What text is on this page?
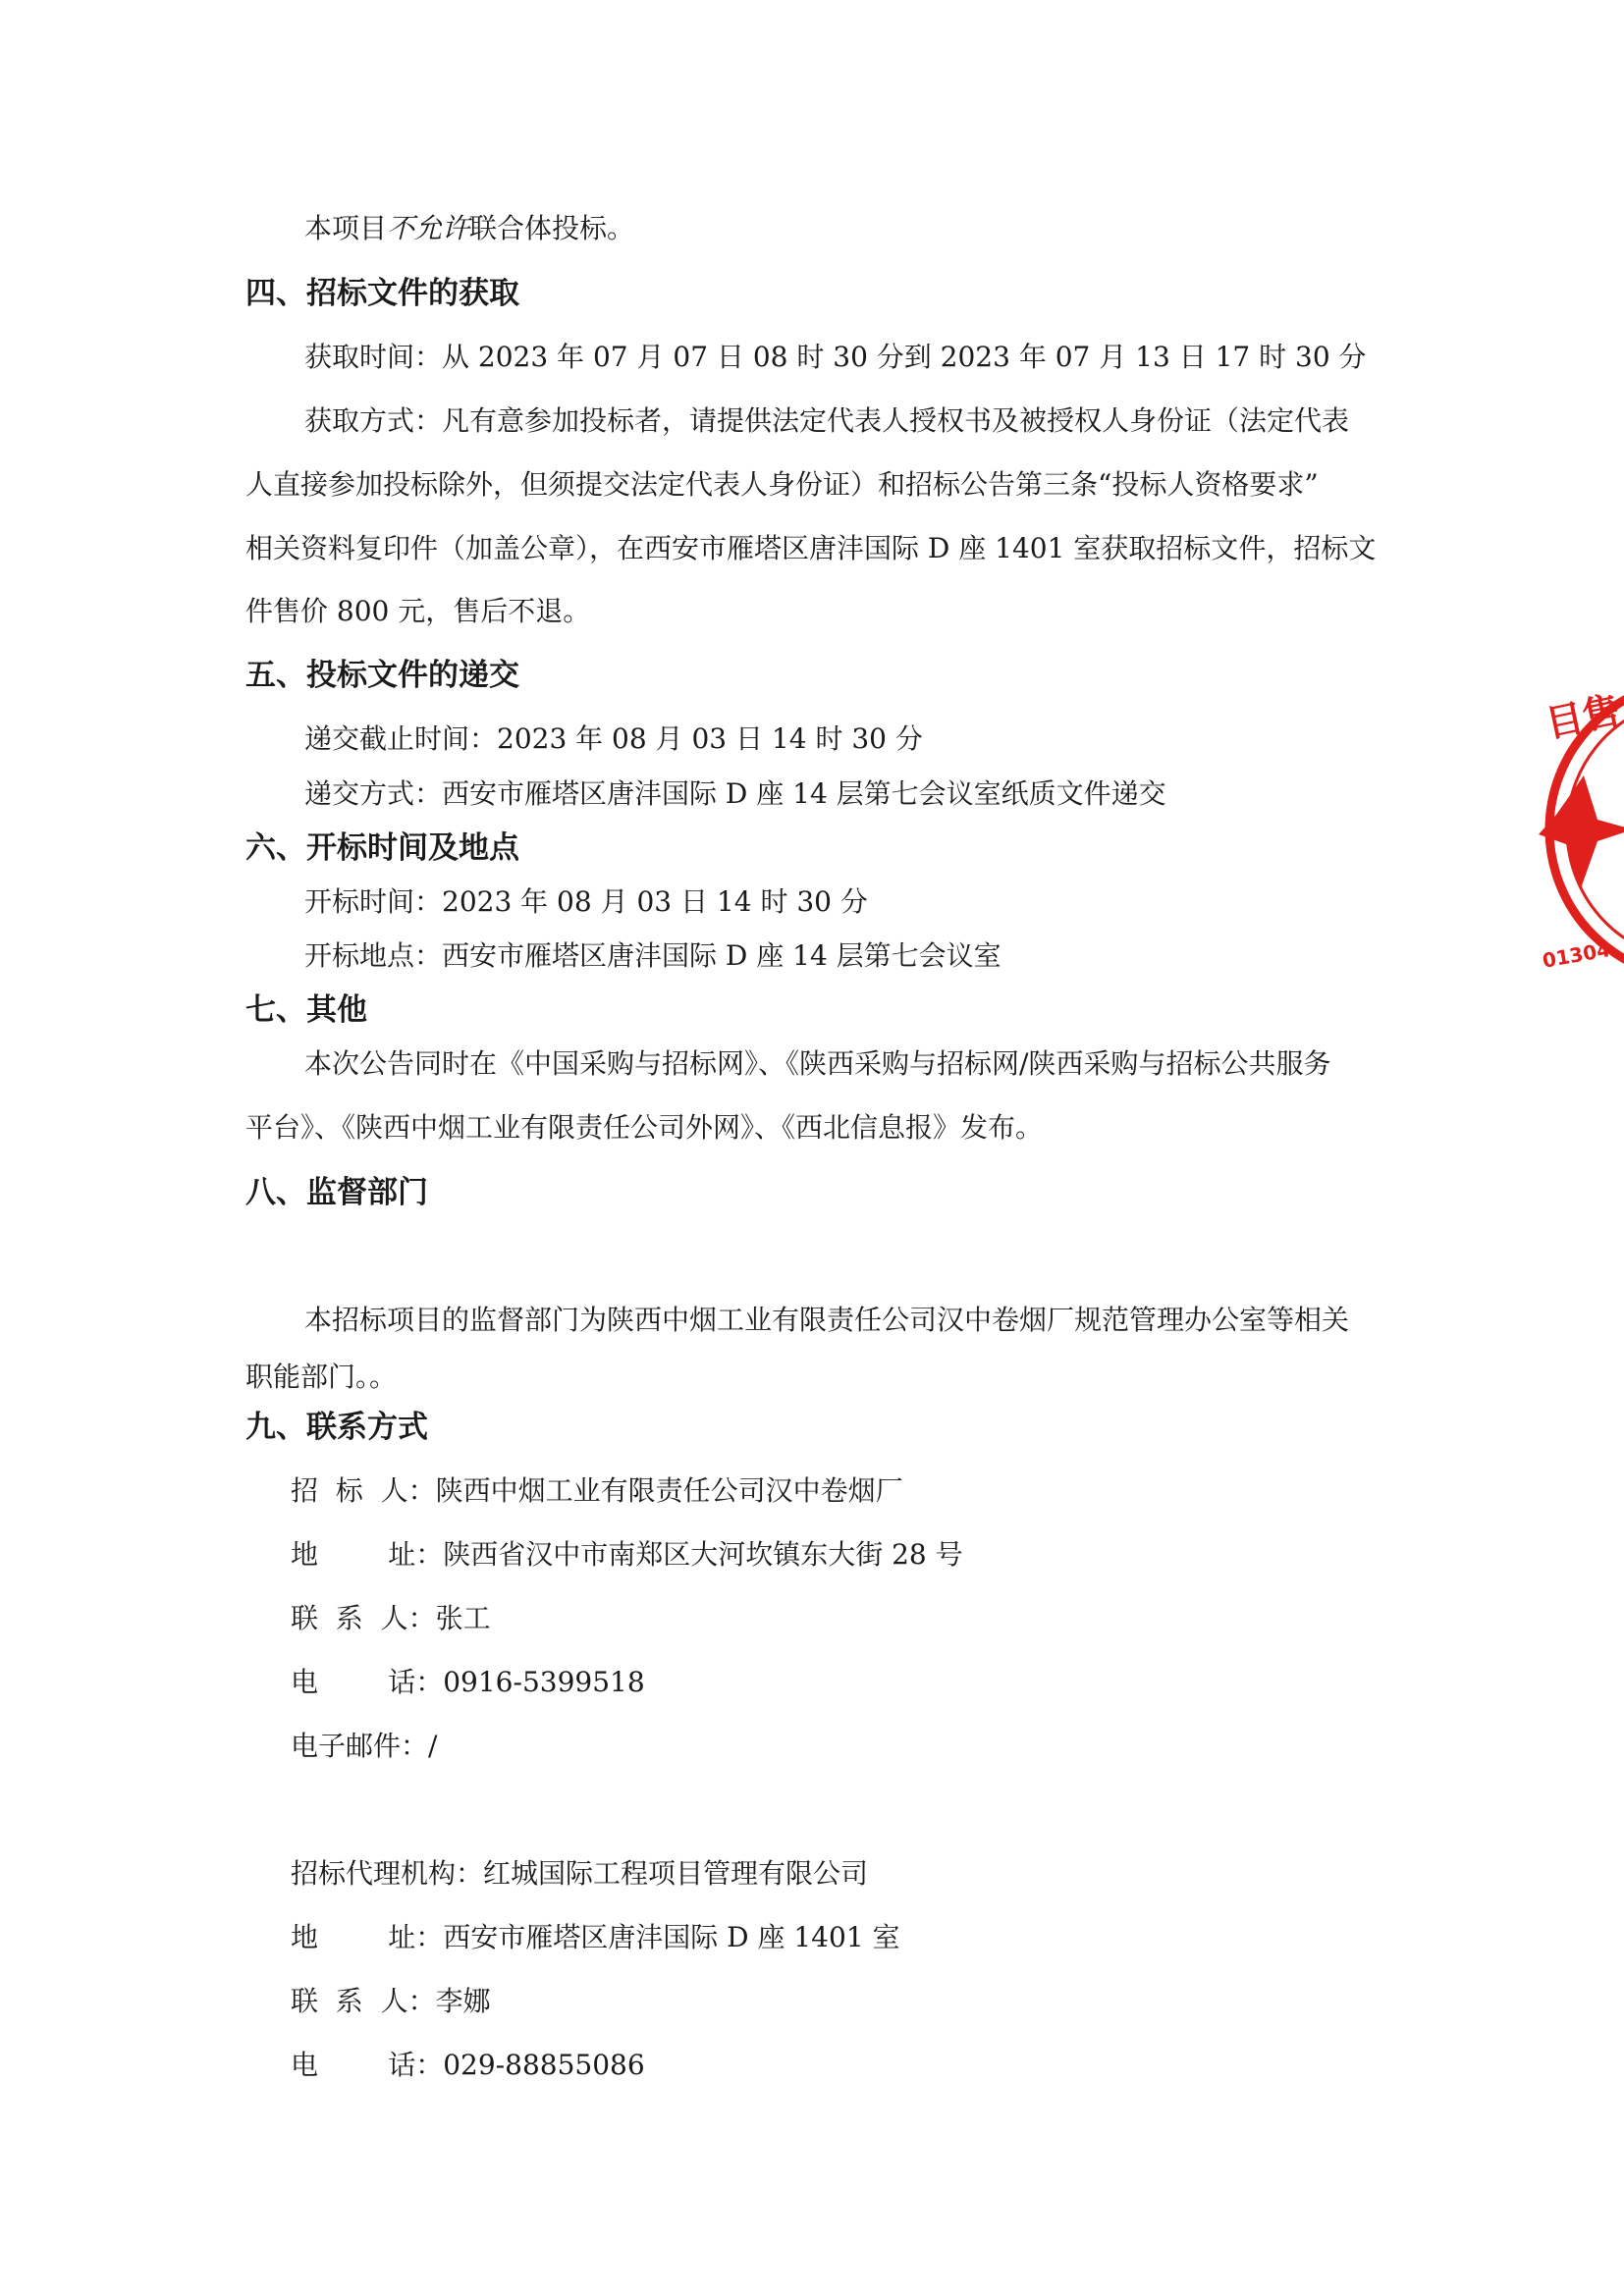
本项目不允许联合体投标。
四、招标文件的获取
获取时间：从 2023 年 07 月 07 日 08 时 30 分到 2023 年 07 月 13 日 17 时 30 分
获取方式：凡有意参加投标者，请提供法定代表人授权书及被授权人身份证（法定代表
人直接参加投标除外，但须提交法定代表人身份证）和招标公告第三条“投标人资格要求”
相关资料复印件（加盖公章），在西安市雁塔区唐沣国际 D 座 1401 室获取招标文件，招标文
件售价 800 元，售后不退。
五、投标文件的递交
递交截止时间：2023 年 08 月 03 日 14 时 30 分
递交方式：西安市雁塔区唐沣国际 D 座 14 层第七会议室纸质文件递交
六、开标时间及地点
开标时间：2023 年 08 月 03 日 14 时 30 分
开标地点：西安市雁塔区唐沣国际 D 座 14 层第七会议室
七、其他
本次公告同时在《中国采购与招标网》、《陕西采购与招标网/陕西采购与招标公共服务
平台》、《陕西中烟工业有限责任公司外网》、《西北信息报》发布。
八、监督部门
本招标项目的监督部门为陕西中烟工业有限责任公司汉中卷烟厂规范管理办公室等相关
职能部门。。
九、联系方式
招  标  人：陕西中烟工业有限责任公司汉中卷烟厂
地        址：陕西省汉中市南郑区大河坎镇东大街 28 号
联  系  人：张工
电        话：0916-5399518
电子邮件：/
招标代理机构：红城国际工程项目管理有限公司
地        址：西安市雁塔区唐沣国际 D 座 1401 室
联  系  人：李娜
电        话：029-88855086
目售
01304
